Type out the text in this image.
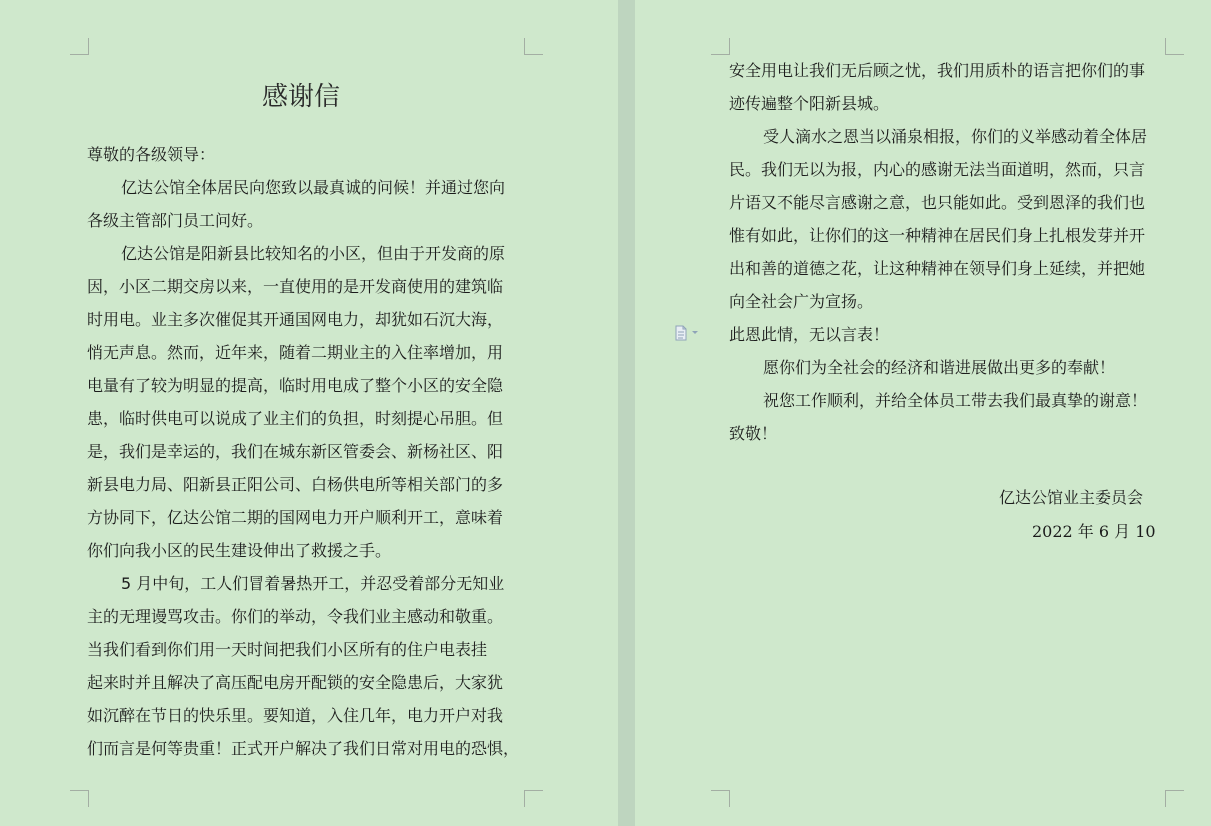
感谢信
尊敬的各级领导：
亿达公馆全体居民向您致以最真诚的问候！并通过您向
各级主管部门员工问好。
亿达公馆是阳新县比较知名的小区，但由于开发商的原
因，小区二期交房以来，一直使用的是开发商使用的建筑临
时用电。业主多次催促其开通国网电力，却犹如石沉大海，
悄无声息。然而，近年来，随着二期业主的入住率增加，用
电量有了较为明显的提高，临时用电成了整个小区的安全隐
患，临时供电可以说成了业主们的负担，时刻提心吊胆。但
是，我们是幸运的，我们在城东新区管委会、新杨社区、阳
新县电力局、阳新县正阳公司、白杨供电所等相关部门的多
方协同下，亿达公馆二期的国网电力开户顺利开工，意味着
你们向我小区的民生建设伸出了救援之手。
5 月中旬，工人们冒着暑热开工，并忍受着部分无知业
主的无理谩骂攻击。你们的举动，令我们业主感动和敬重。
当我们看到你们用一天时间把我们小区所有的住户电表挂
起来时并且解决了高压配电房开配锁的安全隐患后，大家犹
如沉醉在节日的快乐里。要知道，入住几年，电力开户对我
们而言是何等贵重！正式开户解决了我们日常对用电的恐惧，
安全用电让我们无后顾之忧，我们用质朴的语言把你们的事
迹传遍整个阳新县城。
受人滴水之恩当以涌泉相报，你们的义举感动着全体居
民。我们无以为报，内心的感谢无法当面道明，然而，只言
片语又不能尽言感谢之意，也只能如此。受到恩泽的我们也
惟有如此，让你们的这一种精神在居民们身上扎根发芽并开
出和善的道德之花，让这种精神在领导们身上延续，并把她
向全社会广为宣扬。
此恩此情，无以言表！
愿你们为全社会的经济和谐进展做出更多的奉献！
祝您工作顺利，并给全体员工带去我们最真挚的谢意！
致敬！
亿达公馆业主委员会
2022 年 6 月 10
